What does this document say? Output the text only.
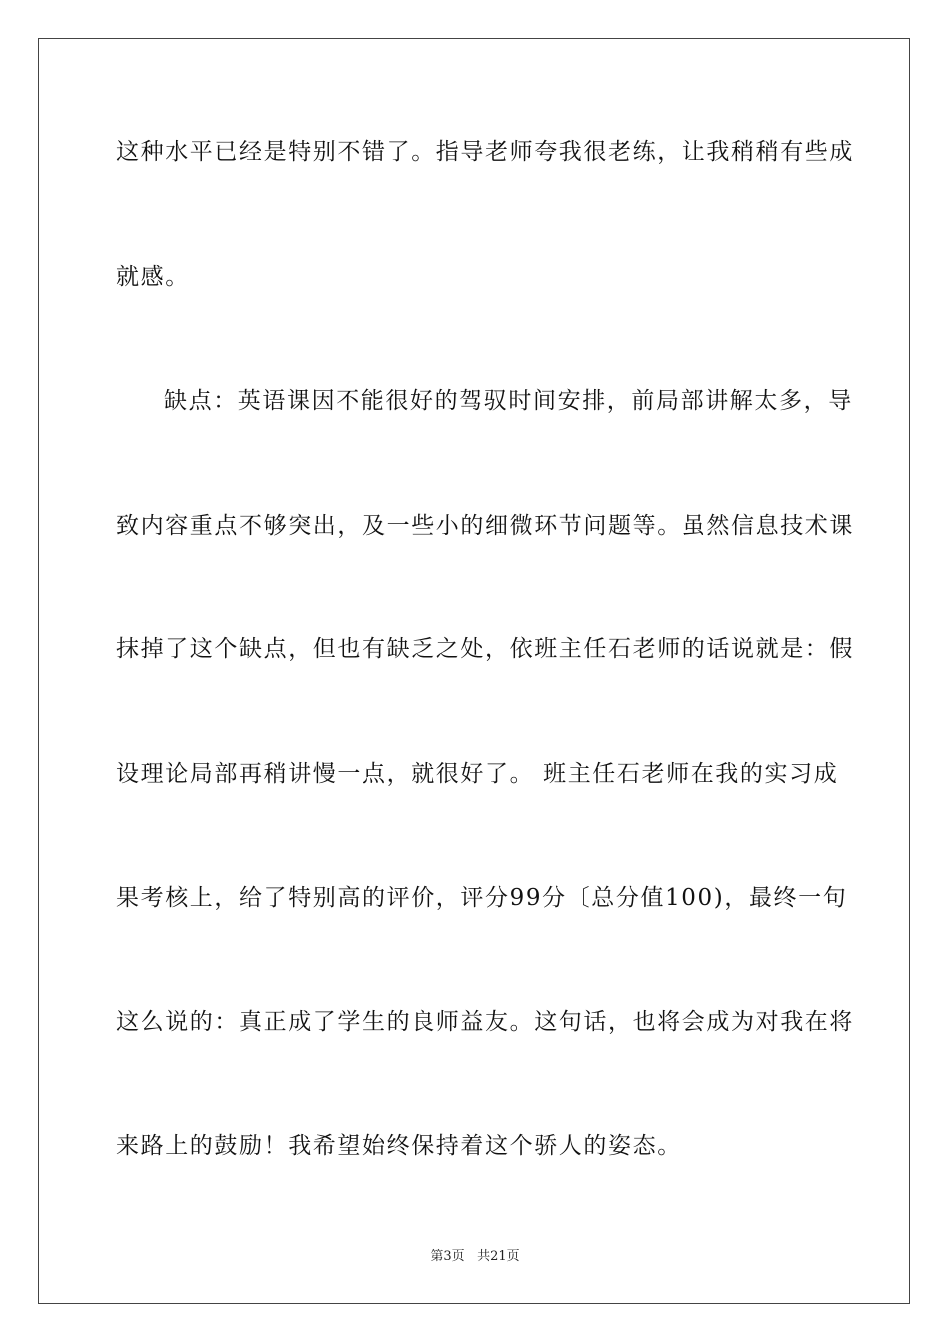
这种水平已经是特别不错了。指导老师夸我很老练，让我稍稍有些成
就感。
缺点：英语课因不能很好的驾驭时间安排，前局部讲解太多，导
致内容重点不够突出，及一些小的细微环节问题等。虽然信息技术课
抹掉了这个缺点，但也有缺乏之处，依班主任石老师的话说就是：假
设理论局部再稍讲慢一点，就很好了。 班主任石老师在我的实习成
果考核上，给了特别高的评价，评分99分〔总分值100)，最终一句
这么说的：真正成了学生的良师益友。这句话，也将会成为对我在将
来路上的鼓励！我希望始终保持着这个骄人的姿态。
第3页 共21页
